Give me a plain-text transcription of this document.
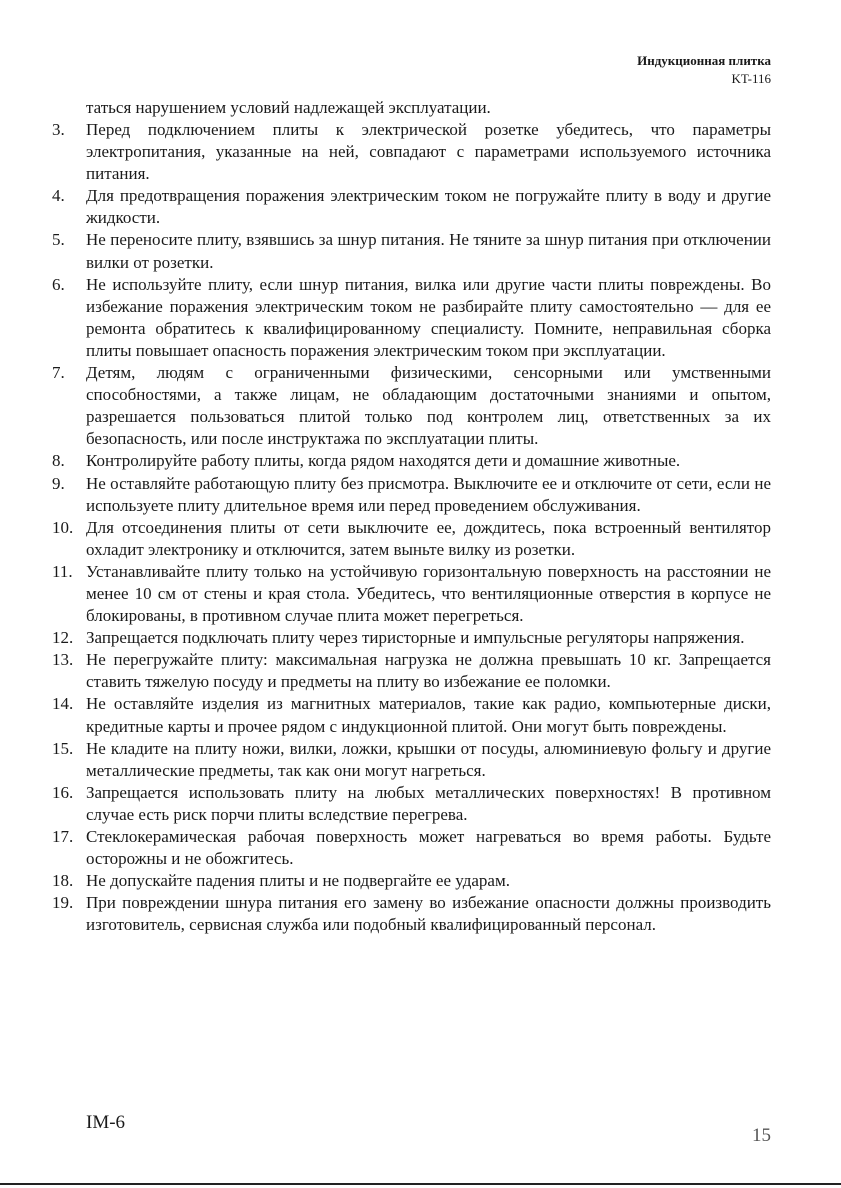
Индукционная плитка
KT-116
таться нарушением условий надлежащей эксплуатации.
3.	Перед подключением плиты к электрической розетке убедитесь, что параметры электропитания, указанные на ней, совпадают с параметрами используемого источника питания.
4.	Для предотвращения поражения электрическим током не погружайте плиту в воду и другие жидкости.
5.	Не переносите плиту, взявшись за шнур питания. Не тяните за шнур питания при отключении вилки от розетки.
6.	Не используйте плиту, если шнур питания, вилка или другие части плиты повреждены. Во избежание поражения электрическим током не разбирайте плиту самостоятельно — для ее ремонта обратитесь к квалифицированному специалисту. Помните, неправильная сборка плиты повышает опасность поражения электрическим током при эксплуатации.
7.	Детям, людям с ограниченными физическими, сенсорными или умственными способностями, а также лицам, не обладающим достаточными знаниями и опытом, разрешается пользоваться плитой только под контролем лиц, ответственных за их безопасность, или после инструктажа по эксплуатации плиты.
8.	Контролируйте работу плиты, когда рядом находятся дети и домашние животные.
9.	Не оставляйте работающую плиту без присмотра. Выключите ее и отключите от сети, если не используете плиту длительное время или перед проведением обслуживания.
10. Для отсоединения плиты от сети выключите ее, дождитесь, пока встроенный вентилятор охладит электронику и отключится, затем выньте вилку из розетки.
11. Устанавливайте плиту только на устойчивую горизонтальную поверхность на расстоянии не менее 10 см от стены и края стола. Убедитесь, что вентиляционные отверстия в корпусе не блокированы, в противном случае плита может перегреться.
12. Запрещается подключать плиту через тиристорные и импульсные регуляторы напряжения.
13. Не перегружайте плиту: максимальная нагрузка не должна превышать 10 кг. Запрещается ставить тяжелую посуду и предметы на плиту во избежание ее поломки.
14. Не оставляйте изделия из магнитных материалов, такие как радио, компьютерные диски, кредитные карты и прочее рядом с индукционной плитой. Они могут быть повреждены.
15. Не кладите на плиту ножи, вилки, ложки, крышки от посуды, алюминиевую фольгу и другие металлические предметы, так как они могут нагреться.
16. Запрещается использовать плиту на любых металлических поверхностях! В противном случае есть риск порчи плиты вследствие перегрева.
17. Стеклокерамическая рабочая поверхность может нагреваться во время работы. Будьте осторожны и не обожгитесь.
18. Не допускайте падения плиты и не подвергайте ее ударам.
19. При повреждении шнура питания его замену во избежание опасности должны производить изготовитель, сервисная служба или подобный квалифицированный персонал.
IM-6
15
